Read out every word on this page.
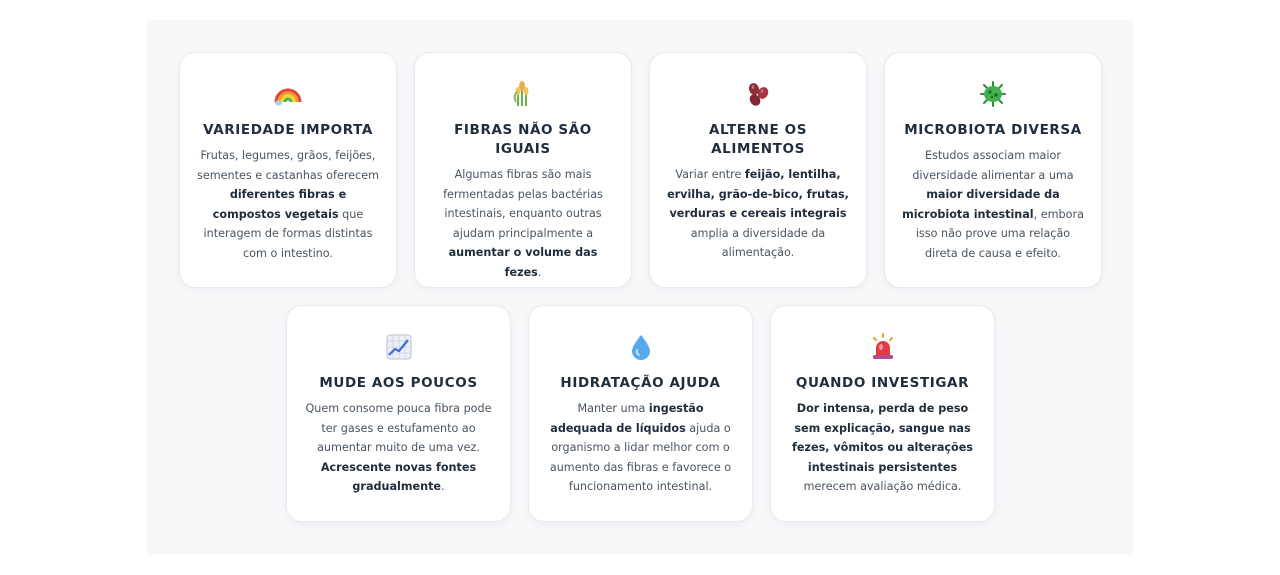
VARIEDADE IMPORTA

Frutas, legumes, grãos, feijões, sementes e castanhas oferecem diferentes fibras e compostos vegetais que interagem de formas distintas com o intestino.

FIBRAS NÃO SÃO IGUAIS

Algumas fibras são mais fermentadas pelas bactérias intestinais, enquanto outras ajudam principalmente a aumentar o volume das fezes.

ALTERNE OS ALIMENTOS

Variar entre feijão, lentilha, ervilha, grão-de-bico, frutas, verduras e cereais integrais amplia a diversidade da alimentação.

MICROBIOTA DIVERSA

Estudos associam maior diversidade alimentar a uma maior diversidade da microbiota intestinal, embora isso não prove uma relação direta de causa e efeito.

MUDE AOS POUCOS

Quem consome pouca fibra pode ter gases e estufamento ao aumentar muito de uma vez. Acrescente novas fontes gradualmente.

HIDRATAÇÃO AJUDA

Manter uma ingestão adequada de líquidos ajuda o organismo a lidar melhor com o aumento das fibras e favorece o funcionamento intestinal.

QUANDO INVESTIGAR

Dor intensa, perda de peso sem explicação, sangue nas fezes, vômitos ou alterações intestinais persistentes merecem avaliação médica.
